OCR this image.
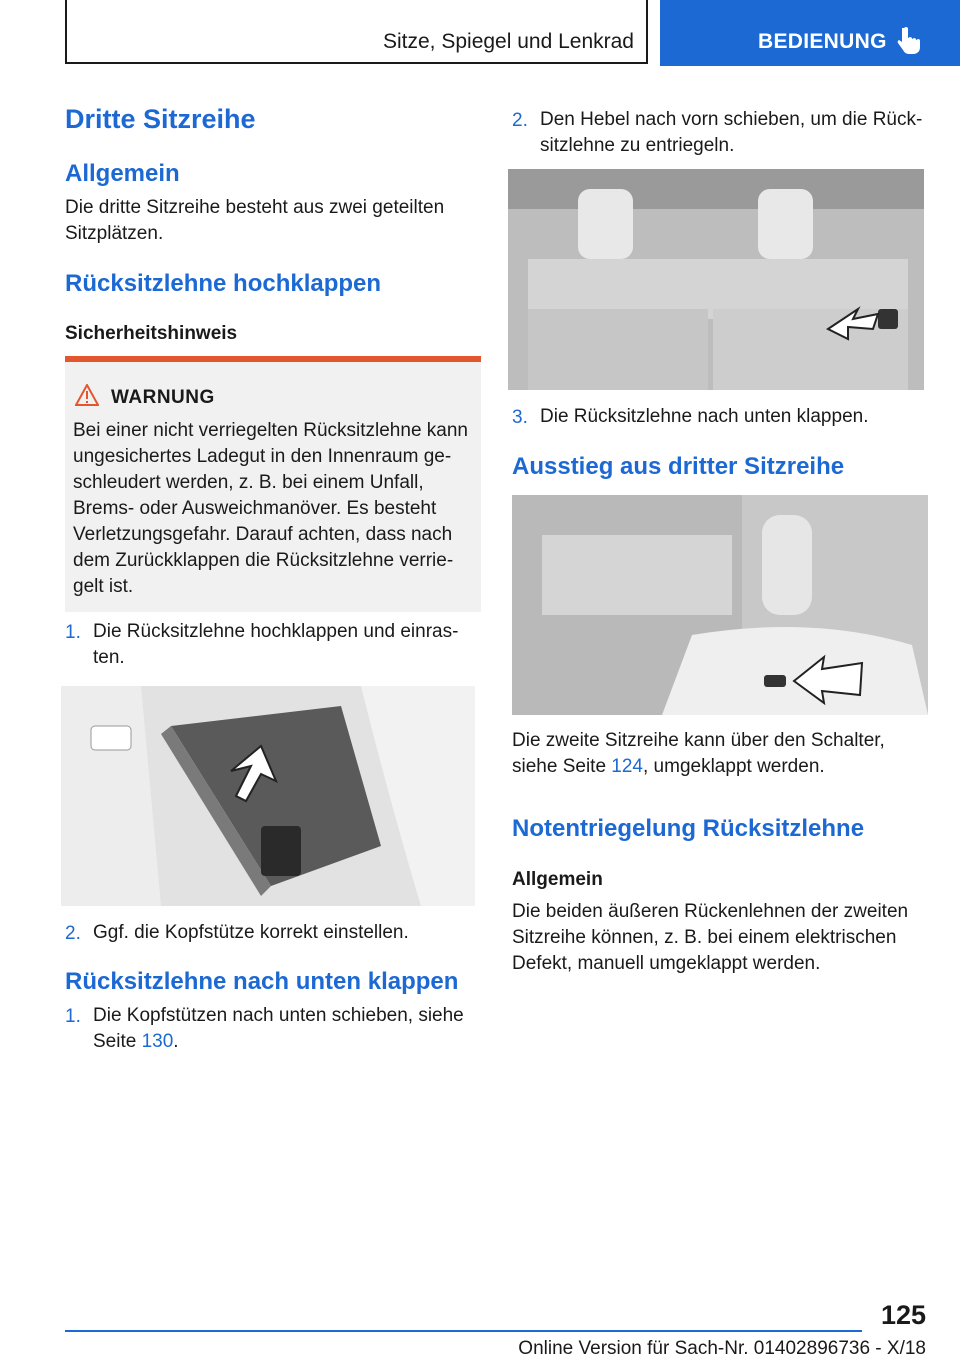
Sitze, Spiegel und Lenkrad	BEDIENUNG
Dritte Sitzreihe
Allgemein
Die dritte Sitzreihe besteht aus zwei geteilten
Sitzplätzen.
Rücksitzlehne hochklappen
Sicherheitshinweis
WARNUNG
Bei einer nicht verriegelten Rücksitzlehne kann
ungesichertes Ladegut in den Innenraum ge-
schleudert werden, z. B. bei einem Unfall,
Brems- oder Ausweichmanöver. Es besteht
Verletzungsgefahr. Darauf achten, dass nach
dem Zurückklappen die Rücksitzlehne verrie-
gelt ist.
1. Die Rücksitzlehne hochklappen und einras-
ten.
2. Ggf. die Kopfstütze korrekt einstellen.
Rücksitzlehne nach unten klappen
1. Die Kopfstützen nach unten schieben, siehe
Seite 130.
2. Den Hebel nach vorn schieben, um die Rück-
sitzlehne zu entriegeln.
3. Die Rücksitzlehne nach unten klappen.
Ausstieg aus dritter Sitzreihe
Die zweite Sitzreihe kann über den Schalter,
siehe Seite 124, umgeklappt werden.
Notentriegelung Rücksitzlehne
Allgemein
Die beiden äußeren Rückenlehnen der zweiten
Sitzreihe können, z. B. bei einem elektrischen
Defekt, manuell umgeklappt werden.
125
Online Version für Sach-Nr. 01402896736 - X/18
